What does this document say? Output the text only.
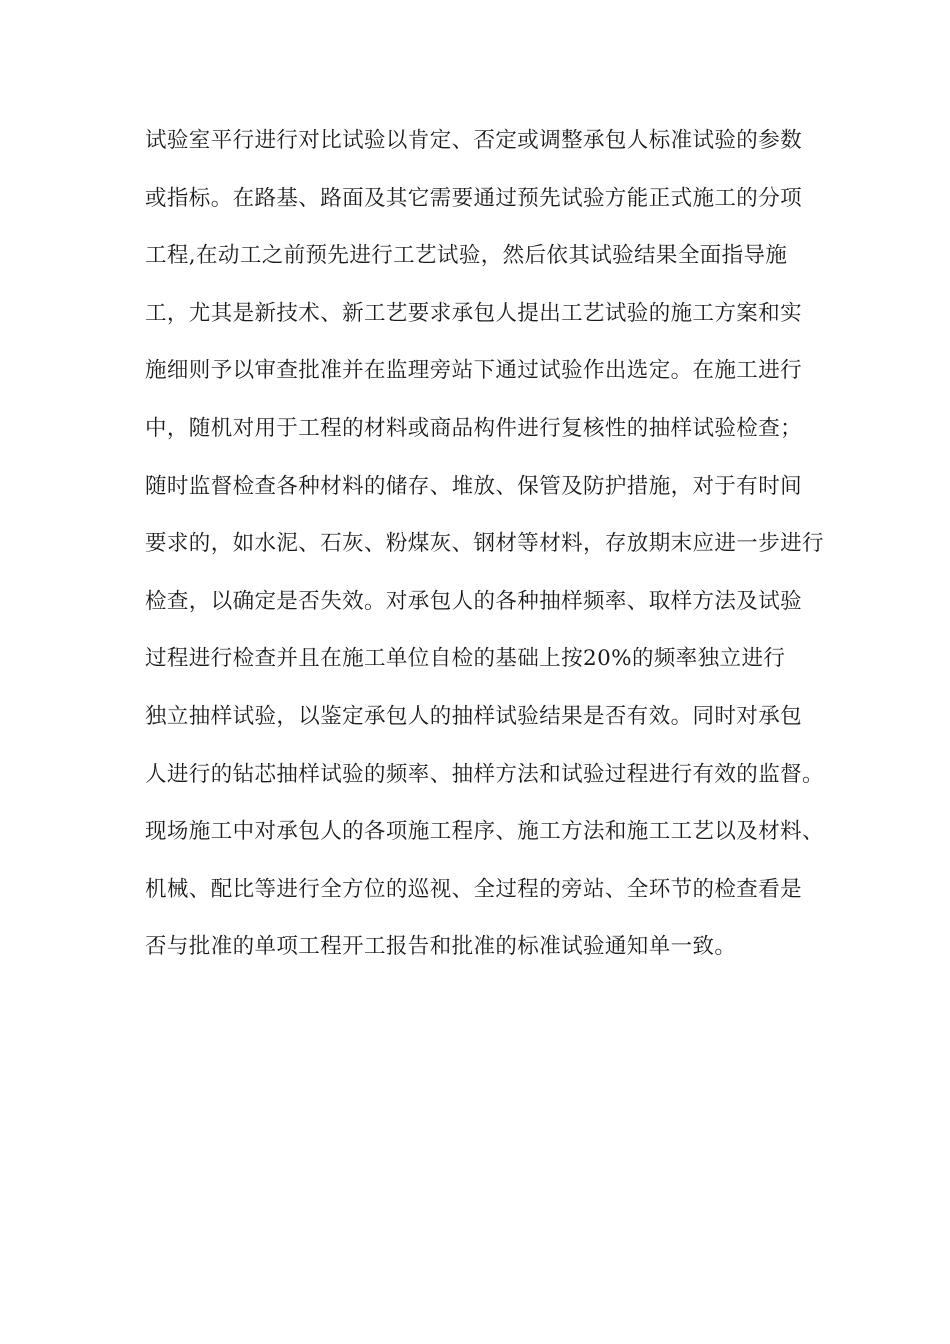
试验室平行进行对比试验以肯定、否定或调整承包人标准试验的参数
或指标。在路基、路面及其它需要通过预先试验方能正式施工的分项
工程,在动工之前预先进行工艺试验，然后依其试验结果全面指导施
工，尤其是新技术、新工艺要求承包人提出工艺试验的施工方案和实
施细则予以审查批准并在监理旁站下通过试验作出选定。在施工进行
中，随机对用于工程的材料或商品构件进行复核性的抽样试验检查；
随时监督检查各种材料的储存、堆放、保管及防护措施，对于有时间
要求的，如水泥、石灰、粉煤灰、钢材等材料，存放期末应进一步进行
检查，以确定是否失效。对承包人的各种抽样频率、取样方法及试验
过程进行检查并且在施工单位自检的基础上按20%的频率独立进行
独立抽样试验，以鉴定承包人的抽样试验结果是否有效。同时对承包
人进行的钻芯抽样试验的频率、抽样方法和试验过程进行有效的监督。
现场施工中对承包人的各项施工程序、施工方法和施工工艺以及材料、
机械、配比等进行全方位的巡视、全过程的旁站、全环节的检查看是
否与批准的单项工程开工报告和批准的标准试验通知单一致。
